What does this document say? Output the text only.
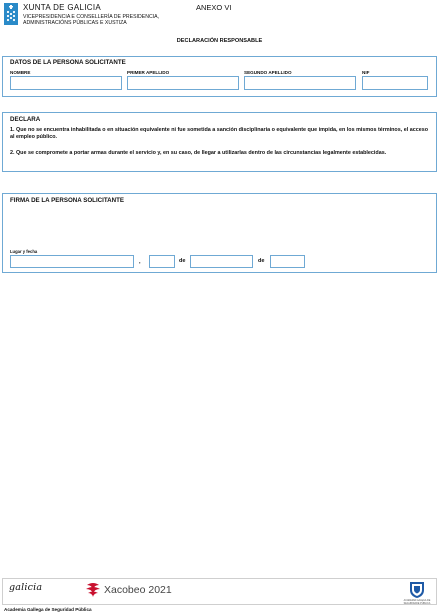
XUNTA DE GALICIA
VICEPRESIDENCIA E CONSELLERÍA DE PRESIDENCIA,
ADMINISTRACIÓNS PÚBLICAS E XUSTIZA
ANEXO VI
DECLARACIÓN RESPONSABLE
DATOS DE LA PERSONA SOLICITANTE
NOMBRE	PRIMER APELLIDO	SEGUNDO APELLIDO	NIF
DECLARA
1. Que no se encuentra inhabilitada o en situación equivalente ni fue sometida a sanción disciplinaria o equivalente que impida, en los mismos términos, el acceso al empleo público.
2. Que se compromete a portar armas durante el servicio y, en su caso, de llegar a utilizarlas dentro de las circunstancias legalmente establecidas.
FIRMA DE LA PERSONA SOLICITANTE
Lugar y fecha
,	de	de
galicia	Xacobeo 2021
ACADEMIA GALEGA DE SEGURIDADE PÚBLICA
Academia Gallega de Seguridad Pública
